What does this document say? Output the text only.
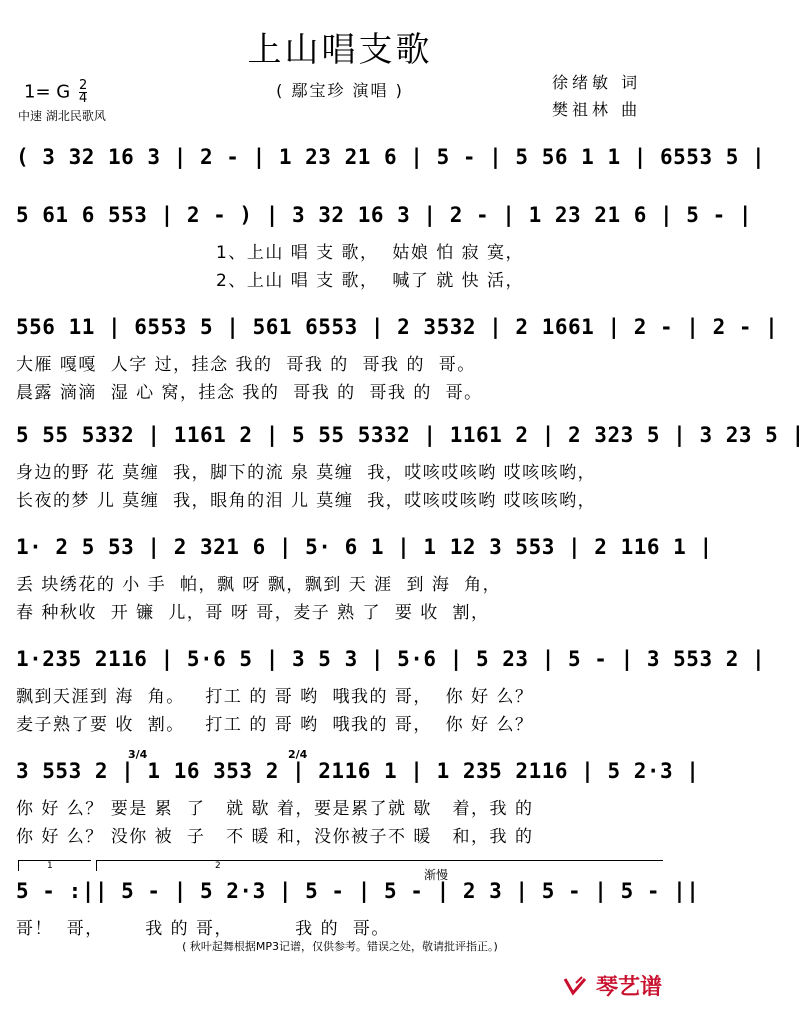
上山唱支歌
( 鄢宝珍 演唱 )	徐绪敏 词
樊祖林 曲
1= G $\frac{2}{4}$
中速 湖北民歌风
( 3 32 16 3 | 2 - | 1 23 21 6 | 5 - | 5 56 1 1 | 6553 5 |
5 61 6 553 | 2 - ) | 3 32 16 3 | 2 - | 1 23 21 6 | 5 - |
1、上山 唱 支 歌，  姑娘 怕 寂 寞，
2、上山 唱 支 歌，  喊了 就 快 活，
556 11 | 6553 5 | 561 6553 | 2 3532 | 2 1661 | 2 - | 2 - |
大雁 嘎嘎  人字 过，挂念 我的  哥我 的  哥我 的  哥。
晨露 滴滴  湿 心 窝，挂念 我的  哥我 的  哥我 的  哥。
5 55 5332 | 1161 2 | 5 55 5332 | 1161 2 | 2 323 5 | 3 23 5 |
身边的野 花 莫缠  我，脚下的流 泉 莫缠  我，哎咳哎咳哟 哎咳咳哟，
长夜的梦 儿 莫缠  我，眼角的泪 儿 莫缠  我，哎咳哎咳哟 哎咳咳哟，
1· 2 5 53 | 2 321 6 | 5· 6 1 | 1 12 3 553 | 2 116 1 |
丢 块绣花的 小 手  帕，飘 呀 飘，飘到 天 涯  到 海  角，
春 种秋收  开 镰  儿，哥 呀 哥，麦子 熟 了  要 收  割，
1·235 2116 | 5·6 5 | 3 5 3 | 5·6 | 5 23 | 5 - | 3 553 2 |
飘到天涯到 海  角。   打工 的 哥 哟  哦我的 哥，  你 好 么？
麦子熟了要 收  割。   打工 的 哥 哟  哦我的 哥，  你 好 么？
3 553 2 | 1 16 353 2 | 2116 1 | 1 235 2116 | 5 2·3 |
3/4	2/4
你 好 么？ 要是 累  了   就 歇 着，要是累了就 歇   着，我 的
你 好 么？ 没你 被  子   不 暖 和，没你被子不 暖   和，我 的
1	2
渐慢
5 - :|| 5 - | 5 2·3 | 5 - | 5 - | 2 3 | 5 - | 5 - ||
哥！  哥，      我 的 哥，         我 的  哥。
( 秋叶起舞根据MP3记谱，仅供参考。错误之处，敬请批评指正。)
琴艺谱
